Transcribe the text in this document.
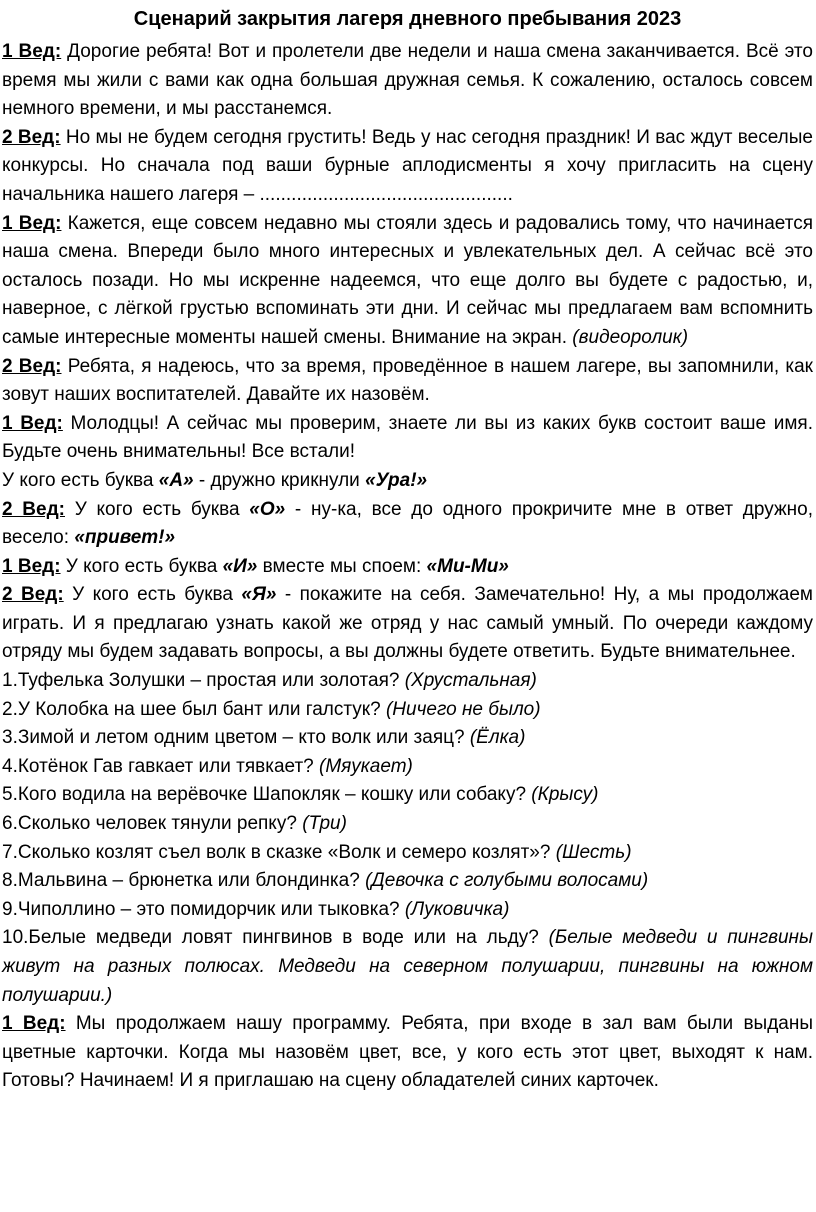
Сценарий закрытия лагеря дневного пребывания 2023

1 Вед: Дорогие ребята! Вот и пролетели две недели и наша смена заканчивается. Всё это время мы жили с вами как одна большая дружная семья. К сожалению, осталось совсем немного времени, и мы расстанемся.

2 Вед: Но мы не будем сегодня грустить! Ведь у нас сегодня праздник! И вас ждут веселые конкурсы. Но сначала под ваши бурные аплодисменты я хочу пригласить на сцену начальника нашего лагеря – ................................................

1 Вед: Кажется, еще совсем недавно мы стояли здесь и радовались тому, что начинается наша смена. Впереди было много интересных и увлекательных дел. А сейчас всё это осталось позади. Но мы искренне надеемся, что еще долго вы будете с радостью, и, наверное, с лёгкой грустью вспоминать эти дни. И сейчас мы предлагаем вам вспомнить самые интересные моменты нашей смены. Внимание на экран. (видеоролик)

2 Вед: Ребята, я надеюсь, что за время, проведённое в нашем лагере, вы запомнили, как зовут наших воспитателей. Давайте их назовём.

1 Вед: Молодцы! А сейчас мы проверим, знаете ли вы из каких букв состоит ваше имя. Будьте очень внимательны! Все встали!

У кого есть буква «А» - дружно крикнули «Ура!»

2 Вед: У кого есть буква «О» - ну-ка, все до одного прокричите мне в ответ дружно, весело: «привет!»

1 Вед: У кого есть буква «И» вместе мы споем: «Ми-Ми»

2 Вед: У кого есть буква «Я» - покажите на себя. Замечательно! Ну, а мы продолжаем играть. И я предлагаю узнать какой же отряд у нас самый умный. По очереди каждому отряду мы будем задавать вопросы, а вы должны будете ответить. Будьте внимательнее.

1.Туфелька Золушки – простая или золотая? (Хрустальная)

2.У Колобка на шее был бант или галстук? (Ничего не было)

3.Зимой и летом одним цветом – кто волк или заяц? (Ёлка)

4.Котёнок Гав гавкает или тявкает? (Мяукает)

5.Кого водила на верёвочке Шапокляк – кошку или собаку? (Крысу)

6.Сколько человек тянули репку? (Три)

7.Сколько козлят съел волк в сказке «Волк и семеро козлят»? (Шесть)

8.Мальвина – брюнетка или блондинка? (Девочка с голубыми волосами)

9.Чиполлино – это помидорчик или тыковка? (Луковичка)

10.Белые медведи ловят пингвинов в воде или на льду? (Белые медведи и пингвины живут на разных полюсах. Медведи на северном полушарии, пингвины на южном полушарии.)

1 Вед: Мы продолжаем нашу программу. Ребята, при входе в зал вам были выданы цветные карточки. Когда мы назовём цвет, все, у кого есть этот цвет, выходят к нам. Готовы? Начинаем! И я приглашаю на сцену обладателей синих карточек.
